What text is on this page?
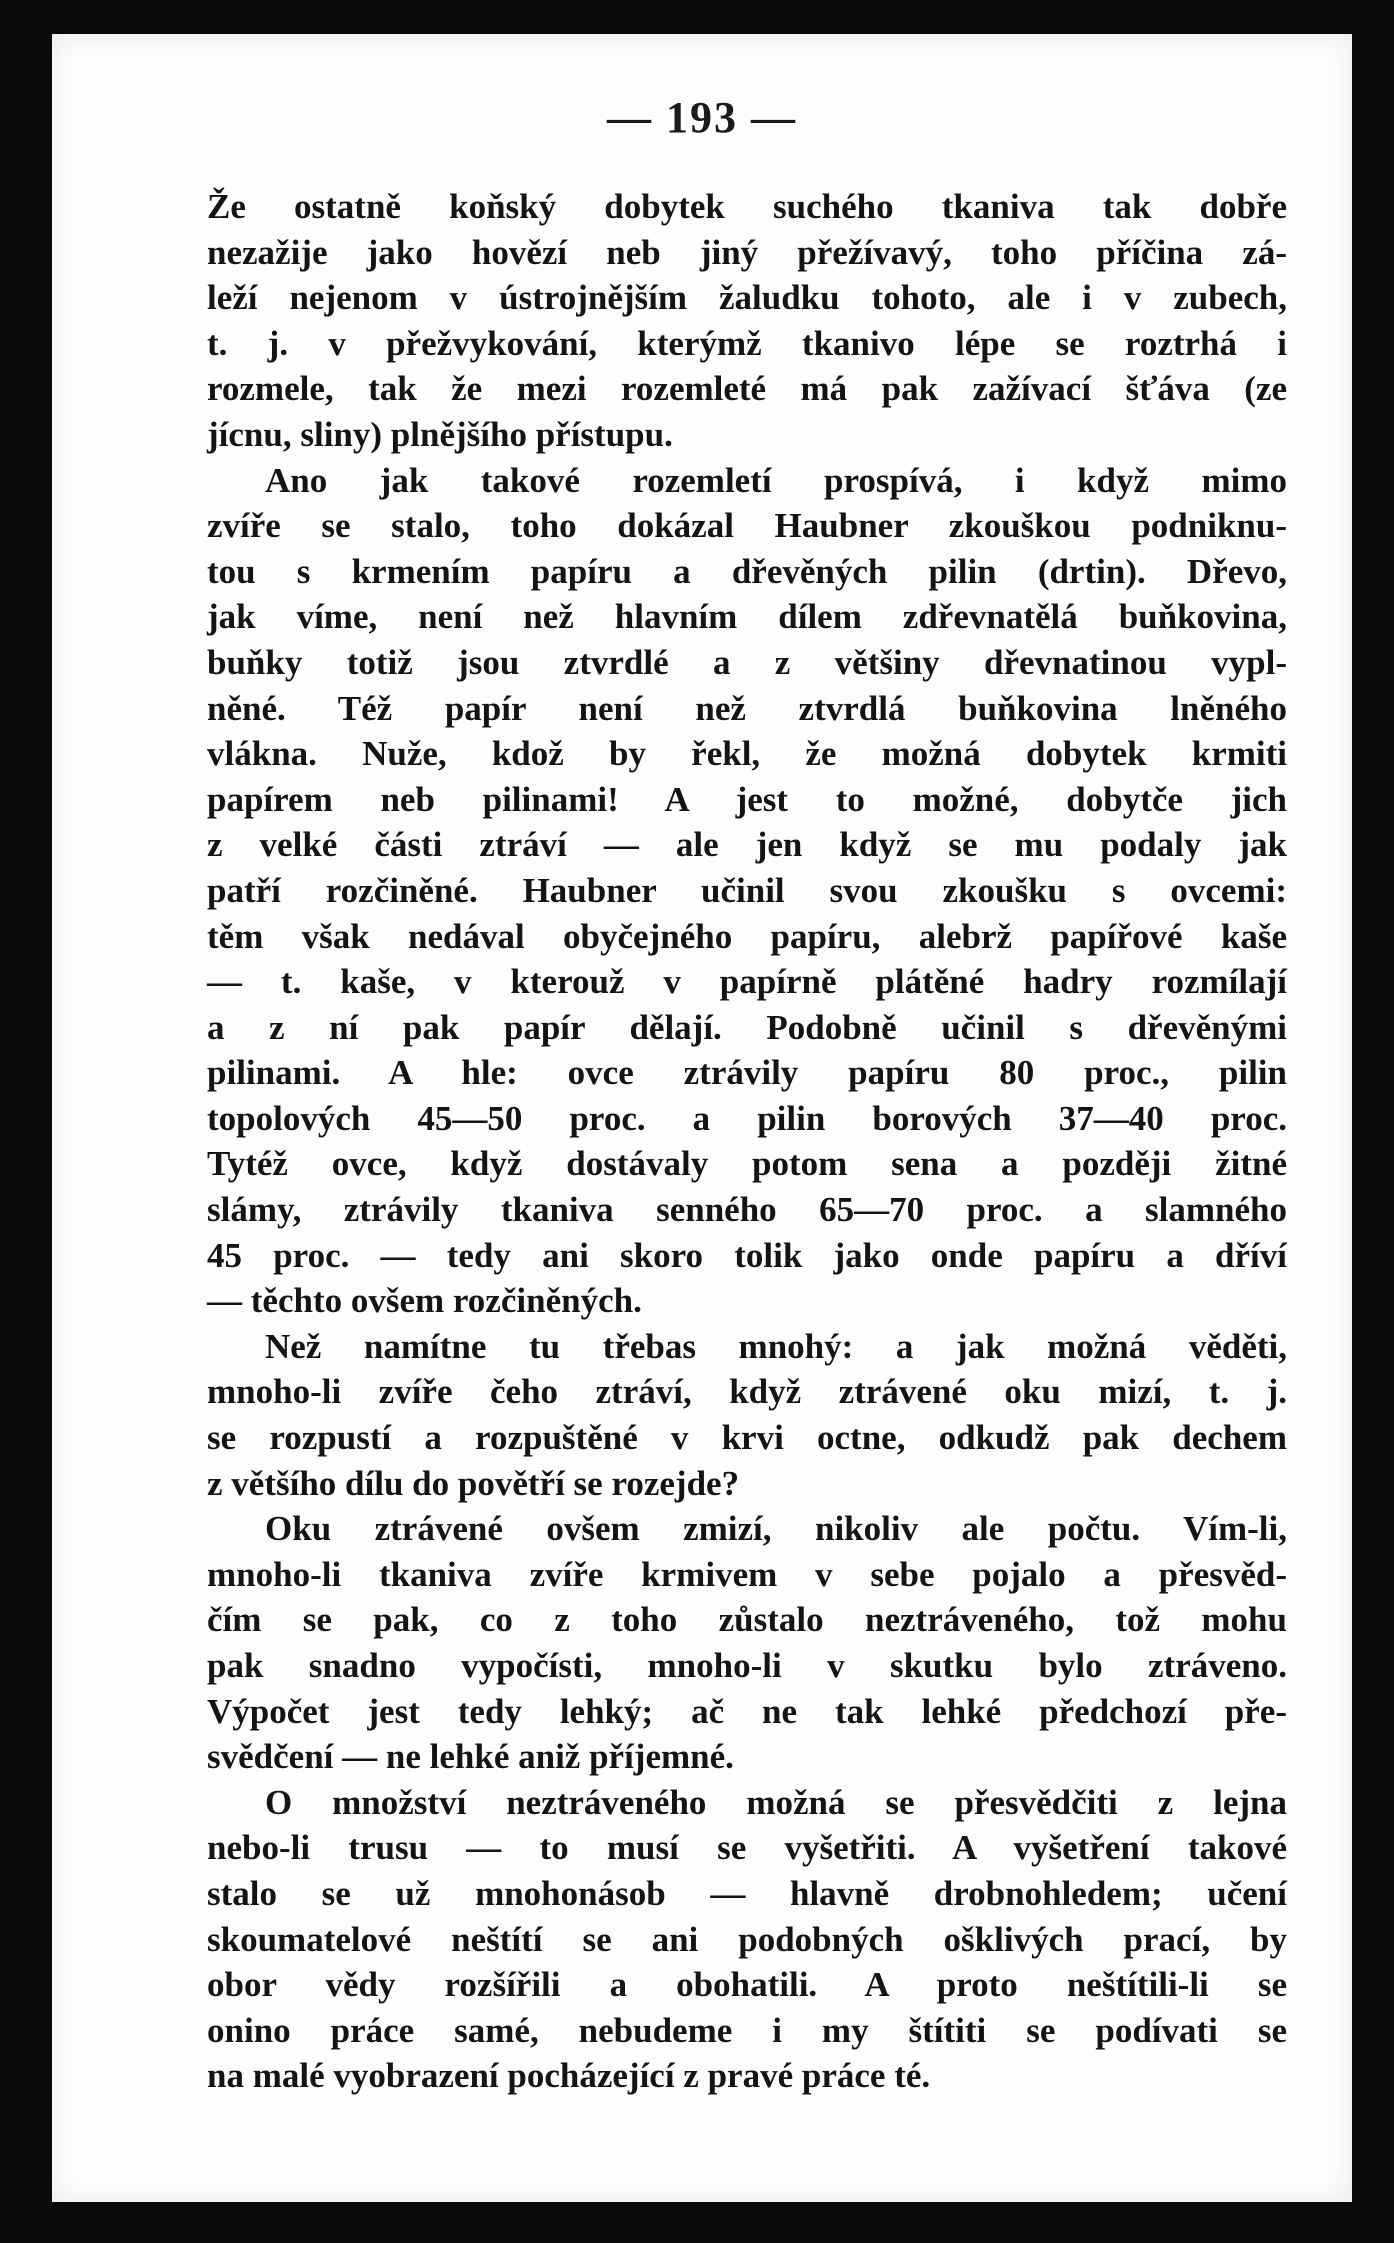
— 193 —
Že ostatně koňský dobytek suchého tkaniva tak dobře
nezažije jako hovězí neb jiný přežívavý, toho příčina zá-
leží nejenom v ústrojnějším žaludku tohoto, ale i v zubech,
t. j. v přežvykování, kterýmž tkanivo lépe se roztrhá i
rozmele, tak že mezi rozemleté má pak zažívací šťáva (ze
jícnu, sliny) plnějšího přístupu.
Ano jak takové rozemletí prospívá, i když mimo
zvíře se stalo, toho dokázal Haubner zkouškou podniknu-
tou s krmením papíru a dřevěných pilin (drtin). Dřevo,
jak víme, není než hlavním dílem zdřevnatělá buňkovina,
buňky totiž jsou ztvrdlé a z většiny dřevnatinou vypl-
něné. Též papír není než ztvrdlá buňkovina lněného
vlákna. Nuže, kdož by řekl, že možná dobytek krmiti
papírem neb pilinami! A jest to možné, dobytče jich
z velké části ztráví — ale jen když se mu podaly jak
patří rozčiněné. Haubner učinil svou zkoušku s ovcemi:
těm však nedával obyčejného papíru, alebrž papířové kaše
— t. kaše, v kterouž v papírně plátěné hadry rozmílají
a z ní pak papír dělají. Podobně učinil s dřevěnými
pilinami. A hle: ovce ztrávily papíru 80 proc., pilin
topolových 45—50 proc. a pilin borových 37—40 proc.
Tytéž ovce, když dostávaly potom sena a později žitné
slámy, ztrávily tkaniva senného 65—70 proc. a slamného
45 proc. — tedy ani skoro tolik jako onde papíru a dříví
— těchto ovšem rozčiněných.
Než namítne tu třebas mnohý: a jak možná věděti,
mnoho-li zvíře čeho ztráví, když ztrávené oku mizí, t. j.
se rozpustí a rozpuštěné v krvi octne, odkudž pak dechem
z většího dílu do povětří se rozejde?
Oku ztrávené ovšem zmizí, nikoliv ale počtu. Vím-li,
mnoho-li tkaniva zvíře krmivem v sebe pojalo a přesvěd-
čím se pak, co z toho zůstalo neztráveného, tož mohu
pak snadno vypočísti, mnoho-li v skutku bylo ztráveno.
Výpočet jest tedy lehký; ač ne tak lehké předchozí pře-
svědčení — ne lehké aniž příjemné.
O množství neztráveného možná se přesvědčiti z lejna
nebo-li trusu — to musí se vyšetřiti. A vyšetření takové
stalo se už mnohonásob — hlavně drobnohledem; učení
skoumatelové neštítí se ani podobných ošklivých prací, by
obor vědy rozšířili a obohatili. A proto neštítili-li se
onino práce samé, nebudeme i my štítiti se podívati se
na malé vyobrazení pocházející z pravé práce té.
